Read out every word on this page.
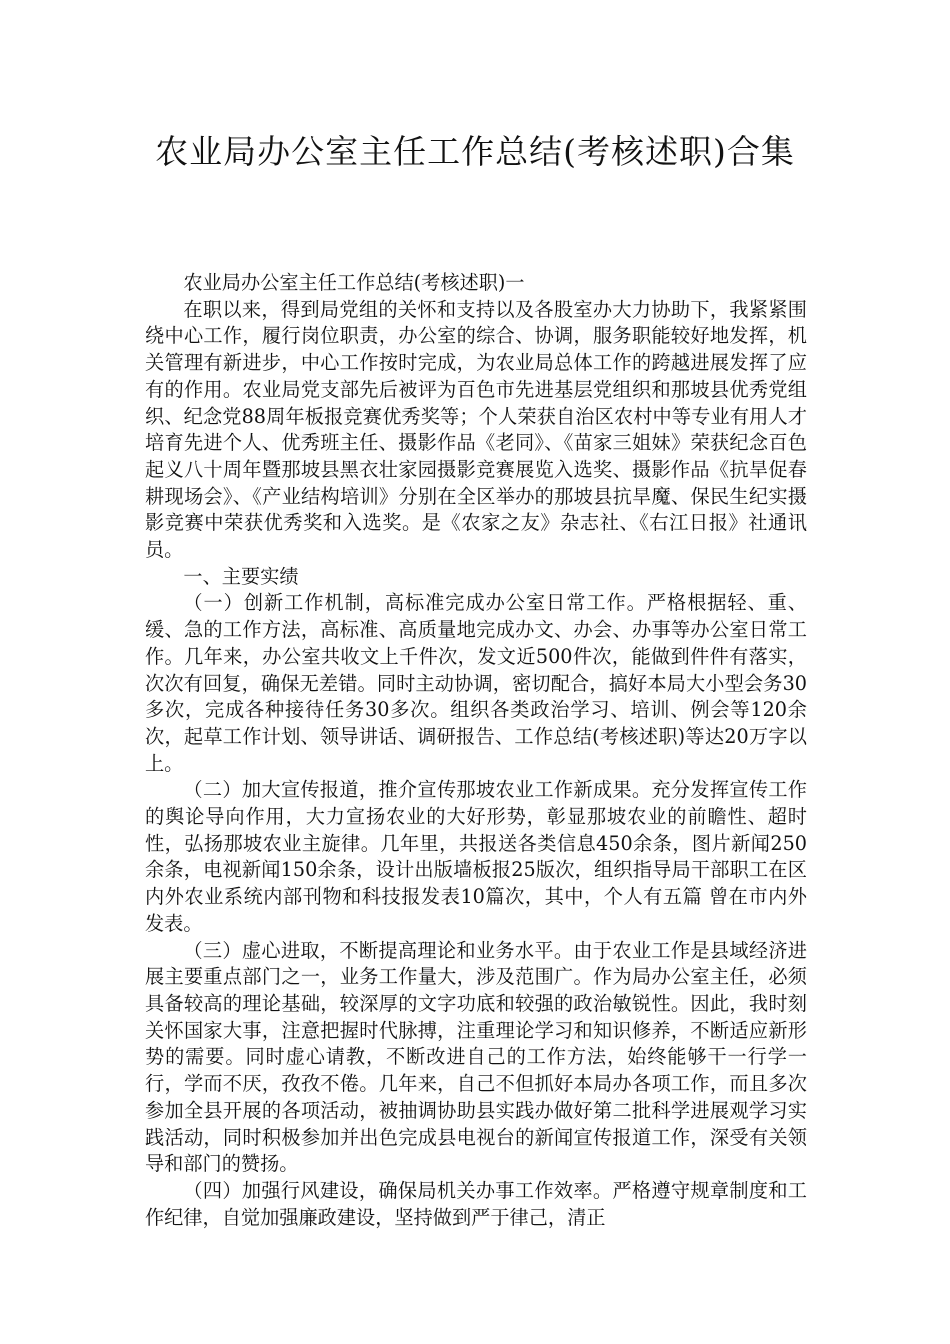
农业局办公室主任工作总结(考核述职)合集

农业局办公室主任工作总结(考核述职)一

在职以来，得到局党组的关怀和支持以及各股室办大力协助下，我紧紧围绕中心工作，履行岗位职责，办公室的综合、协调，服务职能较好地发挥，机关管理有新进步，中心工作按时完成，为农业局总体工作的跨越进展发挥了应有的作用。农业局党支部先后被评为百色市先进基层党组织和那坡县优秀党组织、纪念党88周年板报竞赛优秀奖等；个人荣获自治区农村中等专业有用人才培育先进个人、优秀班主任、摄影作品《老同》、《苗家三姐妹》荣获纪念百色起义八十周年暨那坡县黑衣壮家园摄影竞赛展览入选奖、摄影作品《抗旱促春耕现场会》、《产业结构培训》分别在全区举办的那坡县抗旱魔、保民生纪实摄影竞赛中荣获优秀奖和入选奖。是《农家之友》杂志社、《右江日报》社通讯员。

一、主要实绩

（一）创新工作机制，高标准完成办公室日常工作。严格根据轻、重、缓、急的工作方法，高标准、高质量地完成办文、办会、办事等办公室日常工作。几年来，办公室共收文上千件次，发文近500件次，能做到件件有落实，次次有回复，确保无差错。同时主动协调，密切配合，搞好本局大小型会务30多次，完成各种接待任务30多次。组织各类政治学习、培训、例会等120余次，起草工作计划、领导讲话、调研报告、工作总结(考核述职)等达20万字以上。

（二）加大宣传报道，推介宣传那坡农业工作新成果。充分发挥宣传工作的舆论导向作用，大力宣扬农业的大好形势，彰显那坡农业的前瞻性、超时性，弘扬那坡农业主旋律。几年里，共报送各类信息450余条，图片新闻250余条，电视新闻150余条，设计出版墙板报25版次，组织指导局干部职工在区内外农业系统内部刊物和科技报发表10篇次，其中，个人有五篇 曾在市内外发表。

（三）虚心进取，不断提高理论和业务水平。由于农业工作是县域经济进展主要重点部门之一，业务工作量大，涉及范围广。作为局办公室主任，必须具备较高的理论基础，较深厚的文字功底和较强的政治敏锐性。因此，我时刻关怀国家大事，注意把握时代脉搏，注重理论学习和知识修养，不断适应新形势的需要。同时虚心请教，不断改进自己的工作方法，始终能够干一行学一行，学而不厌，孜孜不倦。几年来，自己不但抓好本局办各项工作，而且多次参加全县开展的各项活动，被抽调协助县实践办做好第二批科学进展观学习实践活动，同时积极参加并出色完成县电视台的新闻宣传报道工作，深受有关领导和部门的赞扬。

（四）加强行风建设，确保局机关办事工作效率。严格遵守规章制度和工作纪律，自觉加强廉政建设，坚持做到严于律己，清正
